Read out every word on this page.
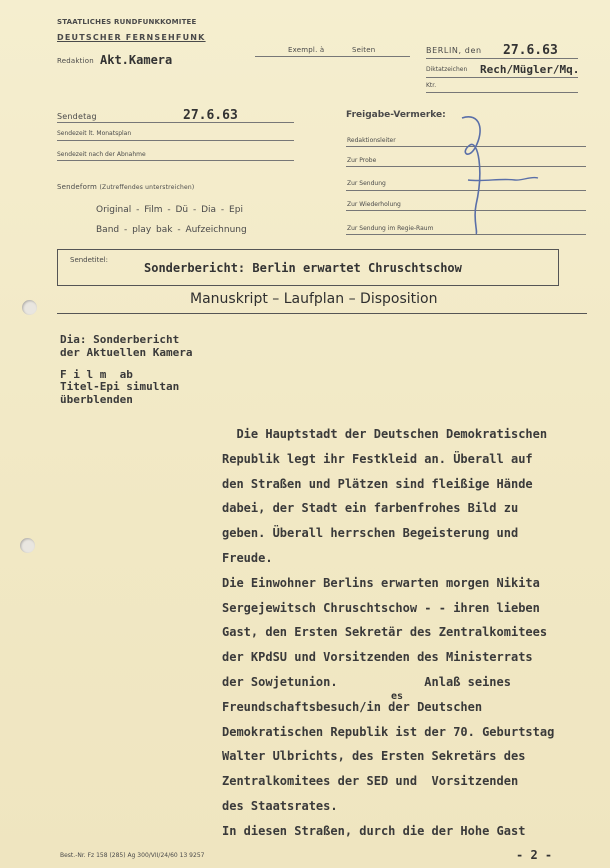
STAATLICHES RUNDFUNKKOMITEE
DEUTSCHER FERNSEHFUNK
Redaktion Akt.Kamera
Exempl. à	Seiten	BERLIN, den 27.6.63
Diktatzeichen Rech/Mügler/Mq.
Ktr.
Sendetag	27.6.63
Sendezeit lt. Monatsplan
Sendezeit nach der Abnahme
Sendeform (Zutreffendes unterstreichen)
Original - Film - Dü - Dia - Epi
Band - play bak - Aufzeichnung
Freigabe-Vermerke:
Redaktionsleiter
Zur Probe
Zur Sendung
Zur Wiederholung
Zur Sendung im Regie-Raum
Sendetitel:
Sonderbericht: Berlin erwartet Chruschtschow
Manuskript – Laufplan – Disposition
Dia: Sonderbericht
der Aktuellen Kamera
F i l m  ab
Titel-Epi simultan
überblenden
Die Hauptstadt der Deutschen Demokratischen
Republik legt ihr Festkleid an. Überall auf
den Straßen und Plätzen sind fleißige Hände
dabei, der Stadt ein farbenfrohes Bild zu
geben. Überall herrschen Begeisterung und
Freude.
Die Einwohner Berlins erwarten morgen Nikita
Sergejewitsch Chruschtschow - - ihren lieben
Gast, den Ersten Sekretär des Zentralkomitees
der KPdSU und Vorsitzenden des Ministerrats
der Sowjetunion.            Anlaß seines
Freundschaftsbesuch/in der Deutschen
Demokratischen Republik ist der 70. Geburtstag
Walter Ulbrichts, des Ersten Sekretärs des
Zentralkomitees der SED und  Vorsitzenden
des Staatsrates.
In diesen Straßen, durch die der Hohe Gast
es
Best.-Nr. Fz 158 (285) Ag 300/VII/24/60 13 9257	- 2 -
